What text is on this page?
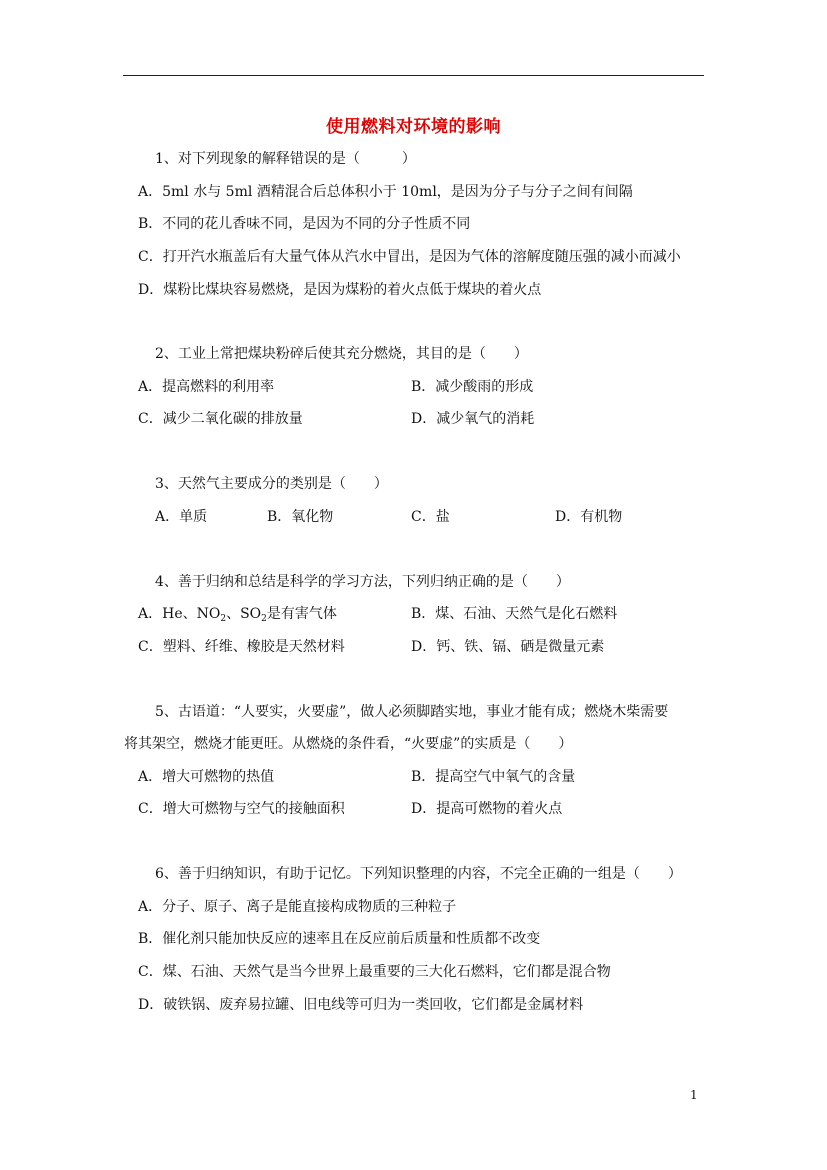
使用燃料对环境的影响
1、对下列现象的解释错误的是（　　　）
A．5ml 水与 5ml 酒精混合后总体积小于 10ml，是因为分子与分子之间有间隔
B．不同的花儿香味不同，是因为不同的分子性质不同
C．打开汽水瓶盖后有大量气体从汽水中冒出，是因为气体的溶解度随压强的减小而减小
D．煤粉比煤块容易燃烧，是因为煤粉的着火点低于煤块的着火点
2、工业上常把煤块粉碎后使其充分燃烧，其目的是（　　）
A．提高燃料的利用率	B．减少酸雨的形成
C．减少二氧化碳的排放量	D．减少氧气的消耗
3、天然气主要成分的类别是（　　）
A．单质	B．氧化物	C．盐	D．有机物
4、善于归纳和总结是科学的学习方法，下列归纳正确的是（　　）
A．He、$NO_2$、$SO_2$是有害气体	B．煤、石油、天然气是化石燃料
C．塑料、纤维、橡胶是天然材料	D．钙、铁、镉、硒是微量元素
5、古语道：“人要实，火要虚”，做人必须脚踏实地，事业才能有成；燃烧木柴需要
将其架空，燃烧才能更旺。从燃烧的条件看，“火要虚”的实质是（　　）
A．增大可燃物的热值	B．提高空气中氧气的含量
C．增大可燃物与空气的接触面积	D．提高可燃物的着火点
6、善于归纳知识，有助于记忆。下列知识整理的内容，不完全正确的一组是（　　）
A．分子、原子、离子是能直接构成物质的三种粒子
B．催化剂只能加快反应的速率且在反应前后质量和性质都不改变
C．煤、石油、天然气是当今世界上最重要的三大化石燃料，它们都是混合物
D．破铁锅、废弃易拉罐、旧电线等可归为一类回收，它们都是金属材料
1
